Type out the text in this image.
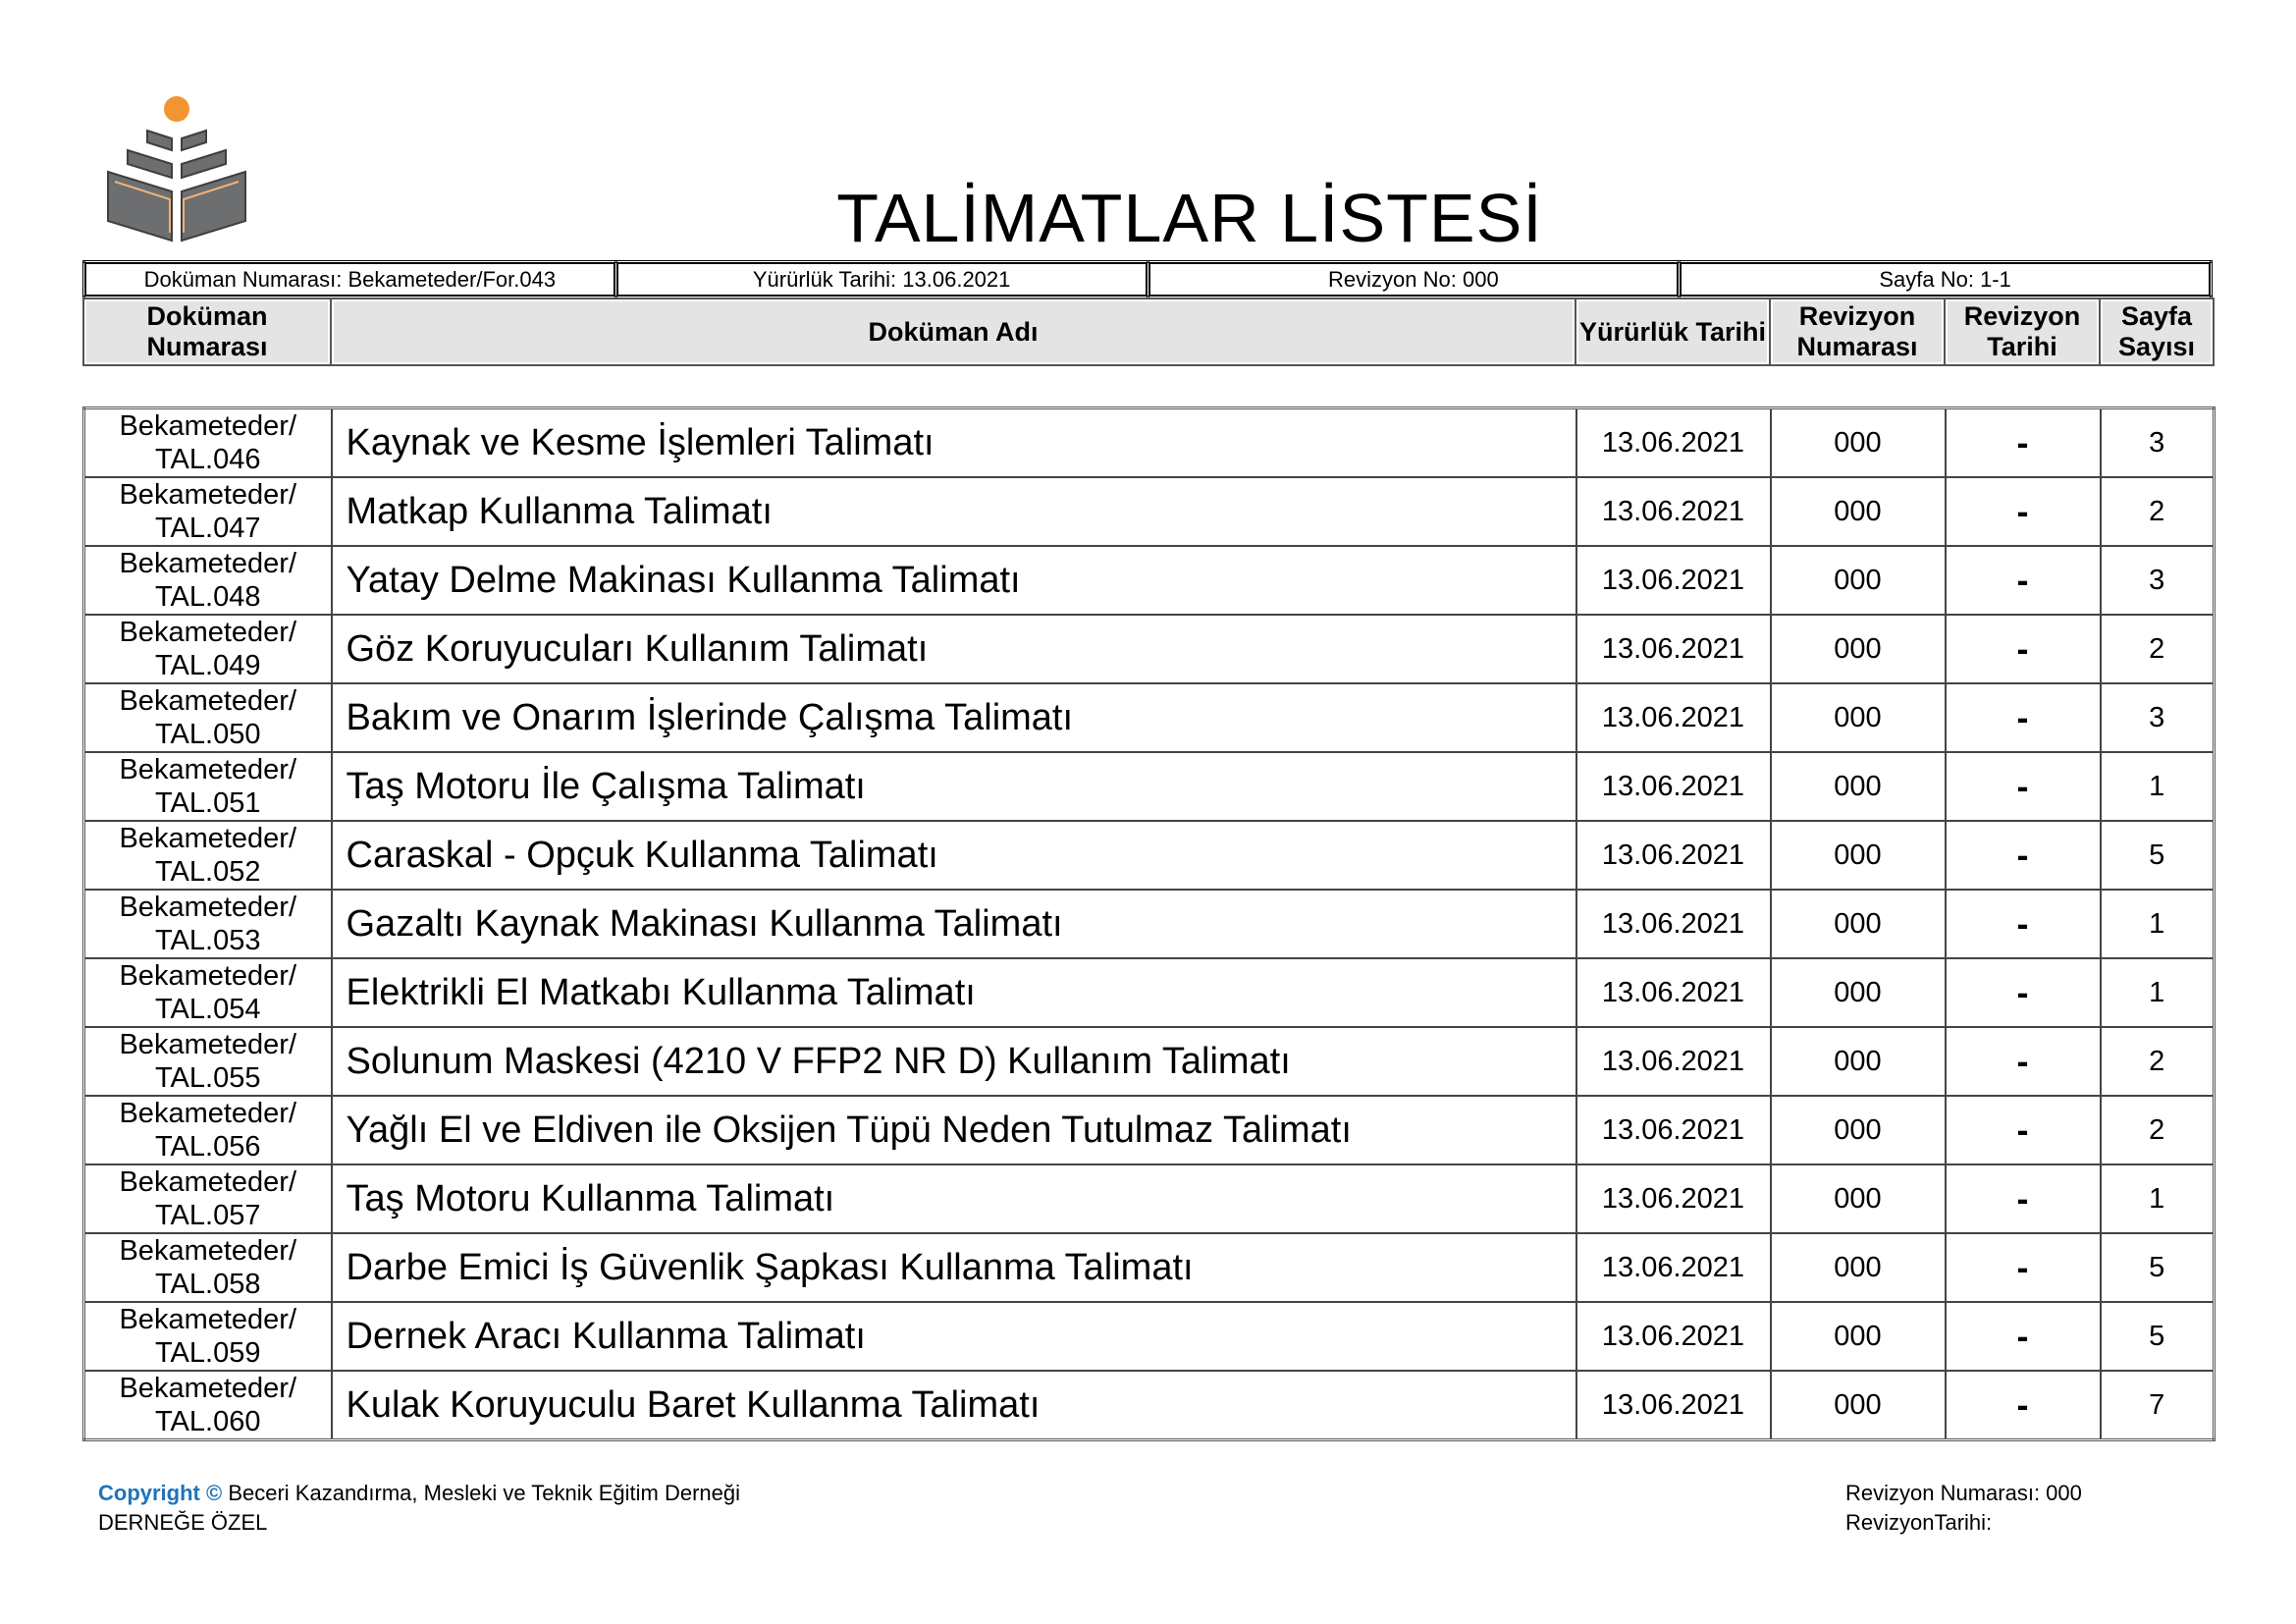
TALİMATLAR LİSTESİ
Doküman Numarası: Bekameteder/For.043	Yürürlük Tarihi: 13.06.2021	Revizyon No: 000	Sayfa No: 1-1
Doküman Numarası	Doküman Adı	Yürürlük Tarihi	Revizyon Numarası	Revizyon Tarihi	Sayfa Sayısı
Bekameteder/ TAL.046	Kaynak ve Kesme İşlemleri Talimatı	13.06.2021	000	-	3
Bekameteder/ TAL.047	Matkap Kullanma Talimatı	13.06.2021	000	-	2
Bekameteder/ TAL.048	Yatay Delme Makinası Kullanma Talimatı	13.06.2021	000	-	3
Bekameteder/ TAL.049	Göz Koruyucuları Kullanım Talimatı	13.06.2021	000	-	2
Bekameteder/ TAL.050	Bakım ve Onarım İşlerinde Çalışma Talimatı	13.06.2021	000	-	3
Bekameteder/ TAL.051	Taş Motoru İle Çalışma Talimatı	13.06.2021	000	-	1
Bekameteder/ TAL.052	Caraskal - Opçuk Kullanma Talimatı	13.06.2021	000	-	5
Bekameteder/ TAL.053	Gazaltı Kaynak Makinası Kullanma Talimatı	13.06.2021	000	-	1
Bekameteder/ TAL.054	Elektrikli El Matkabı Kullanma Talimatı	13.06.2021	000	-	1
Bekameteder/ TAL.055	Solunum Maskesi (4210 V FFP2 NR D) Kullanım Talimatı	13.06.2021	000	-	2
Bekameteder/ TAL.056	Yağlı El ve Eldiven ile Oksijen Tüpü Neden Tutulmaz Talimatı	13.06.2021	000	-	2
Bekameteder/ TAL.057	Taş Motoru Kullanma Talimatı	13.06.2021	000	-	1
Bekameteder/ TAL.058	Darbe Emici İş Güvenlik Şapkası Kullanma Talimatı	13.06.2021	000	-	5
Bekameteder/ TAL.059	Dernek Aracı Kullanma Talimatı	13.06.2021	000	-	5
Bekameteder/ TAL.060	Kulak Koruyuculu Baret Kullanma Talimatı	13.06.2021	000	-	7
Copyright © Beceri Kazandırma, Mesleki ve Teknik Eğitim Derneği
DERNEĞE ÖZEL
Revizyon Numarası: 000
RevizyonTarihi:
